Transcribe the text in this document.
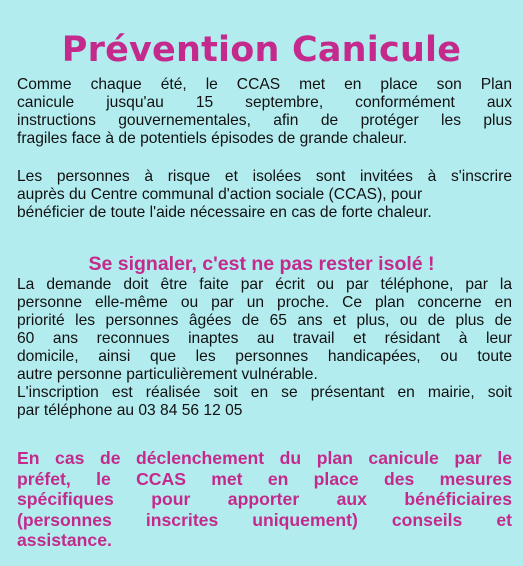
Prévention Canicule
Comme chaque été, le CCAS met en place son Plan
canicule jusqu'au 15 septembre, conformément aux
instructions gouvernementales, afin de protéger les plus
fragiles face à de potentiels épisodes de grande chaleur.
Les personnes à risque et isolées sont invitées à s'inscrire
auprès du Centre communal d'action sociale (CCAS), pour
bénéficier de toute l'aide nécessaire en cas de forte chaleur.
Se signaler, c'est ne pas rester isolé !
La demande doit être faite par écrit ou par téléphone, par la
personne elle-même ou par un proche. Ce plan concerne en
priorité les personnes âgées de 65 ans et plus, ou de plus de
60 ans reconnues inaptes au travail et résidant à leur
domicile, ainsi que les personnes handicapées, ou toute
autre personne particulièrement vulnérable.
L'inscription est réalisée soit en se présentant en mairie, soit
par téléphone au 03 84 56 12 05
En cas de déclenchement du plan canicule par le
préfet, le CCAS met en place des mesures
spécifiques pour apporter aux bénéficiaires
(personnes inscrites uniquement) conseils et
assistance.
